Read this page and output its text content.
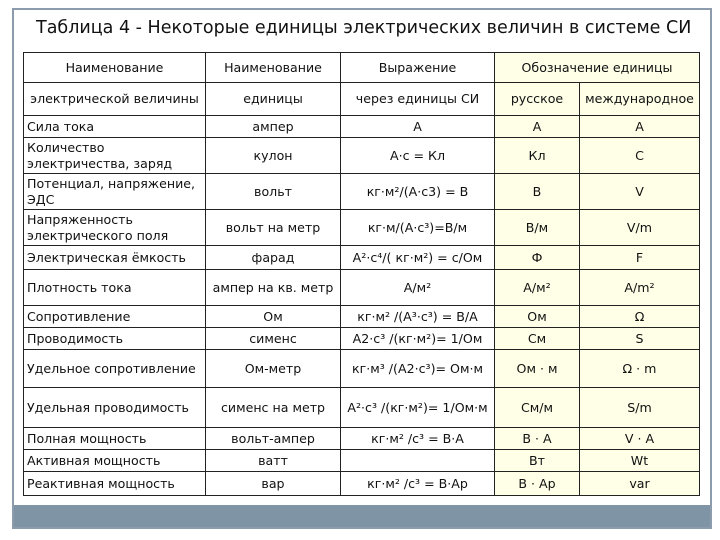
Таблица 4 - Некоторые единицы электрических величин в системе СИ
Наименование	Наименование	Выражение	Обозначение единицы	
электрической величины	единицы	через единицы СИ	русское	международное
Сила тока	ампер	А	А	A
Количество электричества, заряд	кулон	А·с = Кл	Кл	C
Потенциал, напряжение, ЭДС	вольт	кг·м²/(А·с3) = В	В	V
Напряженность электрического поля	вольт на метр	кг·м/(А·с³)=В/м	В/м	V/m
Электрическая ёмкость	фарад	А²·с⁴/( кг·м²) = с/Ом	Ф	F
Плотность тока	ампер на кв. метр	А/м²	А/м²	A/m²
Сопротивление	Ом	кг·м² /(А³·с³) = В/А	Ом	Ω
Проводимость	сименс	А2·с³ /(кг·м²)= 1/Ом	См	S
Удельное сопротивление	Ом-метр	кг·м³ /(А2·с³)= Ом·м	Ом · м	Ω · m
Удельная проводимость	сименс на метр	А²·с³ /(кг·м²)= 1/Ом·м	См/м	S/m
Полная мощность	вольт-ампер	кг·м² /с³ = В·А	В · А	V · A
Активная мощность	ватт		Вт	Wt
Реактивная мощность	вар	кг·м² /с³ = В·Ар	В · Ар	var
